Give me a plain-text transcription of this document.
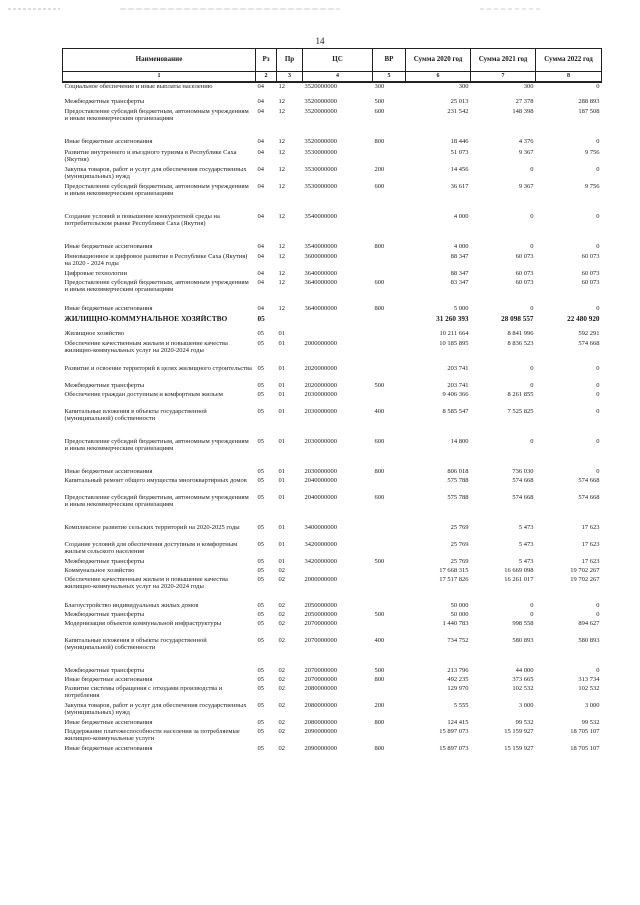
14
Наименование	Рз	Пр	ЦС	ВР	Сумма 2020 год	Сумма 2021 год	Сумма 2022 год
1	2	3	4	5	6	7	8
Социальное обеспечение и иные выплаты населению	04	12	3520000000	300	300	300	0
Межбюджетные трансферты	04	12	3520000000	500	25 013	27 378	288 893
Предоставление субсидий бюджетным, автономным учреждениям и иным некоммерческим организациям	04	12	3520000000	600	231 542	148 398	187 508
Иные бюджетные ассигнования	04	12	3520000000	800	18 446	4 376	0
Развитие внутреннего и въездного туризма в Республике Саха (Якутия)	04	12	3530000000		51 073	9 367	9 756
Закупка товаров, работ и услуг для обеспечения государственных (муниципальных) нужд	04	12	3530000000	200	14 456	0	0
Предоставление субсидий бюджетным, автономным учреждениям и иным некоммерческим организациям	04	12	3530000000	600	36 617	9 367	9 756
Создание условий и повышение конкурентной среды на потребительском рынке Республики Саха (Якутия)	04	12	3540000000		4 000	0	0
Иные бюджетные ассигнования	04	12	3540000000	800	4 000	0	0
Инновационное и цифровое развитие в Республике Саха (Якутия) на 2020 - 2024 годы	04	12	3600000000		88 347	60 073	60 073
Цифровые технологии	04	12	3640000000		88 347	60 073	60 073
Предоставление субсидий бюджетным, автономным учреждениям и иным некоммерческим организациям	04	12	3640000000	600	83 347	60 073	60 073
Иные бюджетные ассигнования	04	12	3640000000	800	5 000	0	0
ЖИЛИЩНО-КОММУНАЛЬНОЕ ХОЗЯЙСТВО	05				31 260 393	28 098 557	22 480 920
Жилищное хозяйство	05	01			10 211 664	8 841 996	592 291
Обеспечение качественным жильем и повышение качества жилищно-коммунальных услуг на 2020-2024 годы	05	01	2000000000		10 185 895	8 836 523	574 668
Развитие и освоение территорий в целях жилищного строительства	05	01	2020000000		203 741	0	0
Межбюджетные трансферты	05	01	2020000000	500	203 741	0	0
Обеспечение граждан доступным и комфортным жильем	05	01	2030000000		9 406 366	8 261 855	0
Капитальные вложения в объекты государственной (муниципальной) собственности	05	01	2030000000	400	8 585 547	7 525 825	0
Предоставление субсидий бюджетным, автономным учреждениям и иным некоммерческим организациям	05	01	2030000000	600	14 800	0	0
Иные бюджетные ассигнования	05	01	2030000000	800	806 018	736 030	0
Капитальный ремонт общего имущества многоквартирных домов	05	01	2040000000		575 788	574 668	574 668
Предоставление субсидий бюджетным, автономным учреждениям и иным некоммерческим организациям	05	01	2040000000	600	575 788	574 668	574 668
Комплексное развитие сельских территорий на 2020-2025 годы	05	01	3400000000		25 769	5 473	17 623
Создание условий для обеспечения доступным и комфортным жильем сельского населения	05	01	3420000000		25 769	5 473	17 623
Межбюджетные трансферты	05	01	3420000000	500	25 769	5 473	17 623
Коммунальное хозяйство	05	02			17 668 315	16 669 098	19 702 267
Обеспечение качественным жильем и повышение качества жилищно-коммунальных услуг на 2020-2024 годы	05	02	2000000000		17 517 826	16 261 017	19 702 267
Благоустройство индивидуальных жилых домов	05	02	2050000000		50 000	0	0
Межбюджетные трансферты	05	02	2050000000	500	50 000	0	0
Модернизация объектов коммунальной инфраструктуры	05	02	2070000000		1 440 783	998 558	894 627
Капитальные вложения в объекты государственной (муниципальной) собственности	05	02	2070000000	400	734 752	580 893	580 893
Межбюджетные трансферты	05	02	2070000000	500	213 796	44 000	0
Иные бюджетные ассигнования	05	02	2070000000	800	492 235	373 665	313 734
Развитие системы обращения с отходами производства и потребления	05	02	2080000000		129 970	102 532	102 532
Закупка товаров, работ и услуг для обеспечения государственных (муниципальных) нужд	05	02	2080000000	200	5 555	3 000	3 000
Иные бюджетные ассигнования	05	02	2080000000	800	124 415	99 532	99 532
Поддержание платежеспособности населения за потребляемые жилищно-коммунальные услуги	05	02	2090000000		15 897 073	15 159 927	18 705 107
Иные бюджетные ассигнования	05	02	2090000000	800	15 897 073	15 159 927	18 705 107
